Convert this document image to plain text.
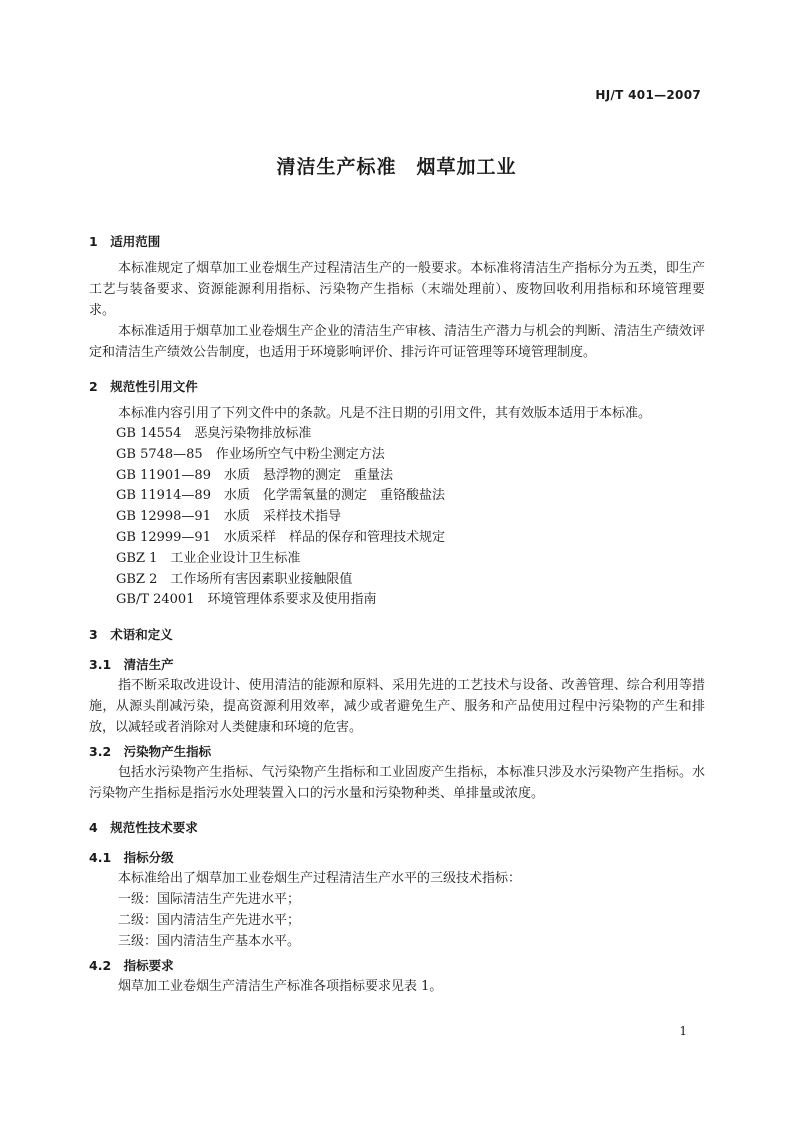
HJ/T 401—2007
清洁生产标准　烟草加工业
1　适用范围

本标准规定了烟草加工业卷烟生产过程清洁生产的一般要求。本标准将清洁生产指标分为五类，即生产工艺与装备要求、资源能源利用指标、污染物产生指标（末端处理前）、废物回收利用指标和环境管理要求。

本标准适用于烟草加工业卷烟生产企业的清洁生产审核、清洁生产潜力与机会的判断、清洁生产绩效评定和清洁生产绩效公告制度，也适用于环境影响评价、排污许可证管理等环境管理制度。

2　规范性引用文件

本标准内容引用了下列文件中的条款。凡是不注日期的引用文件，其有效版本适用于本标准。

GB 14554　恶臭污染物排放标准
GB 5748—85　作业场所空气中粉尘测定方法
GB 11901—89　水质　悬浮物的测定　重量法
GB 11914—89　水质　化学需氧量的测定　重铬酸盐法
GB 12998—91　水质　采样技术指导
GB 12999—91　水质采样　样品的保存和管理技术规定
GBZ 1　工业企业设计卫生标准
GBZ 2　工作场所有害因素职业接触限值
GB/T 24001　环境管理体系要求及使用指南
3　术语和定义
3.1　清洁生产

指不断采取改进设计、使用清洁的能源和原料、采用先进的工艺技术与设备、改善管理、综合利用等措施，从源头削减污染，提高资源利用效率，减少或者避免生产、服务和产品使用过程中污染物的产生和排放，以减轻或者消除对人类健康和环境的危害。

3.2　污染物产生指标

包括水污染物产生指标、气污染物产生指标和工业固废产生指标，本标准只涉及水污染物产生指标。水污染物产生指标是指污水处理装置入口的污水量和污染物种类、单排量或浓度。

4　规范性技术要求
4.1　指标分级

本标准给出了烟草加工业卷烟生产过程清洁生产水平的三级技术指标：

一级：国际清洁生产先进水平；
二级：国内清洁生产先进水平；
三级：国内清洁生产基本水平。
4.2　指标要求

烟草加工业卷烟生产清洁生产标准各项指标要求见表 1。

1
